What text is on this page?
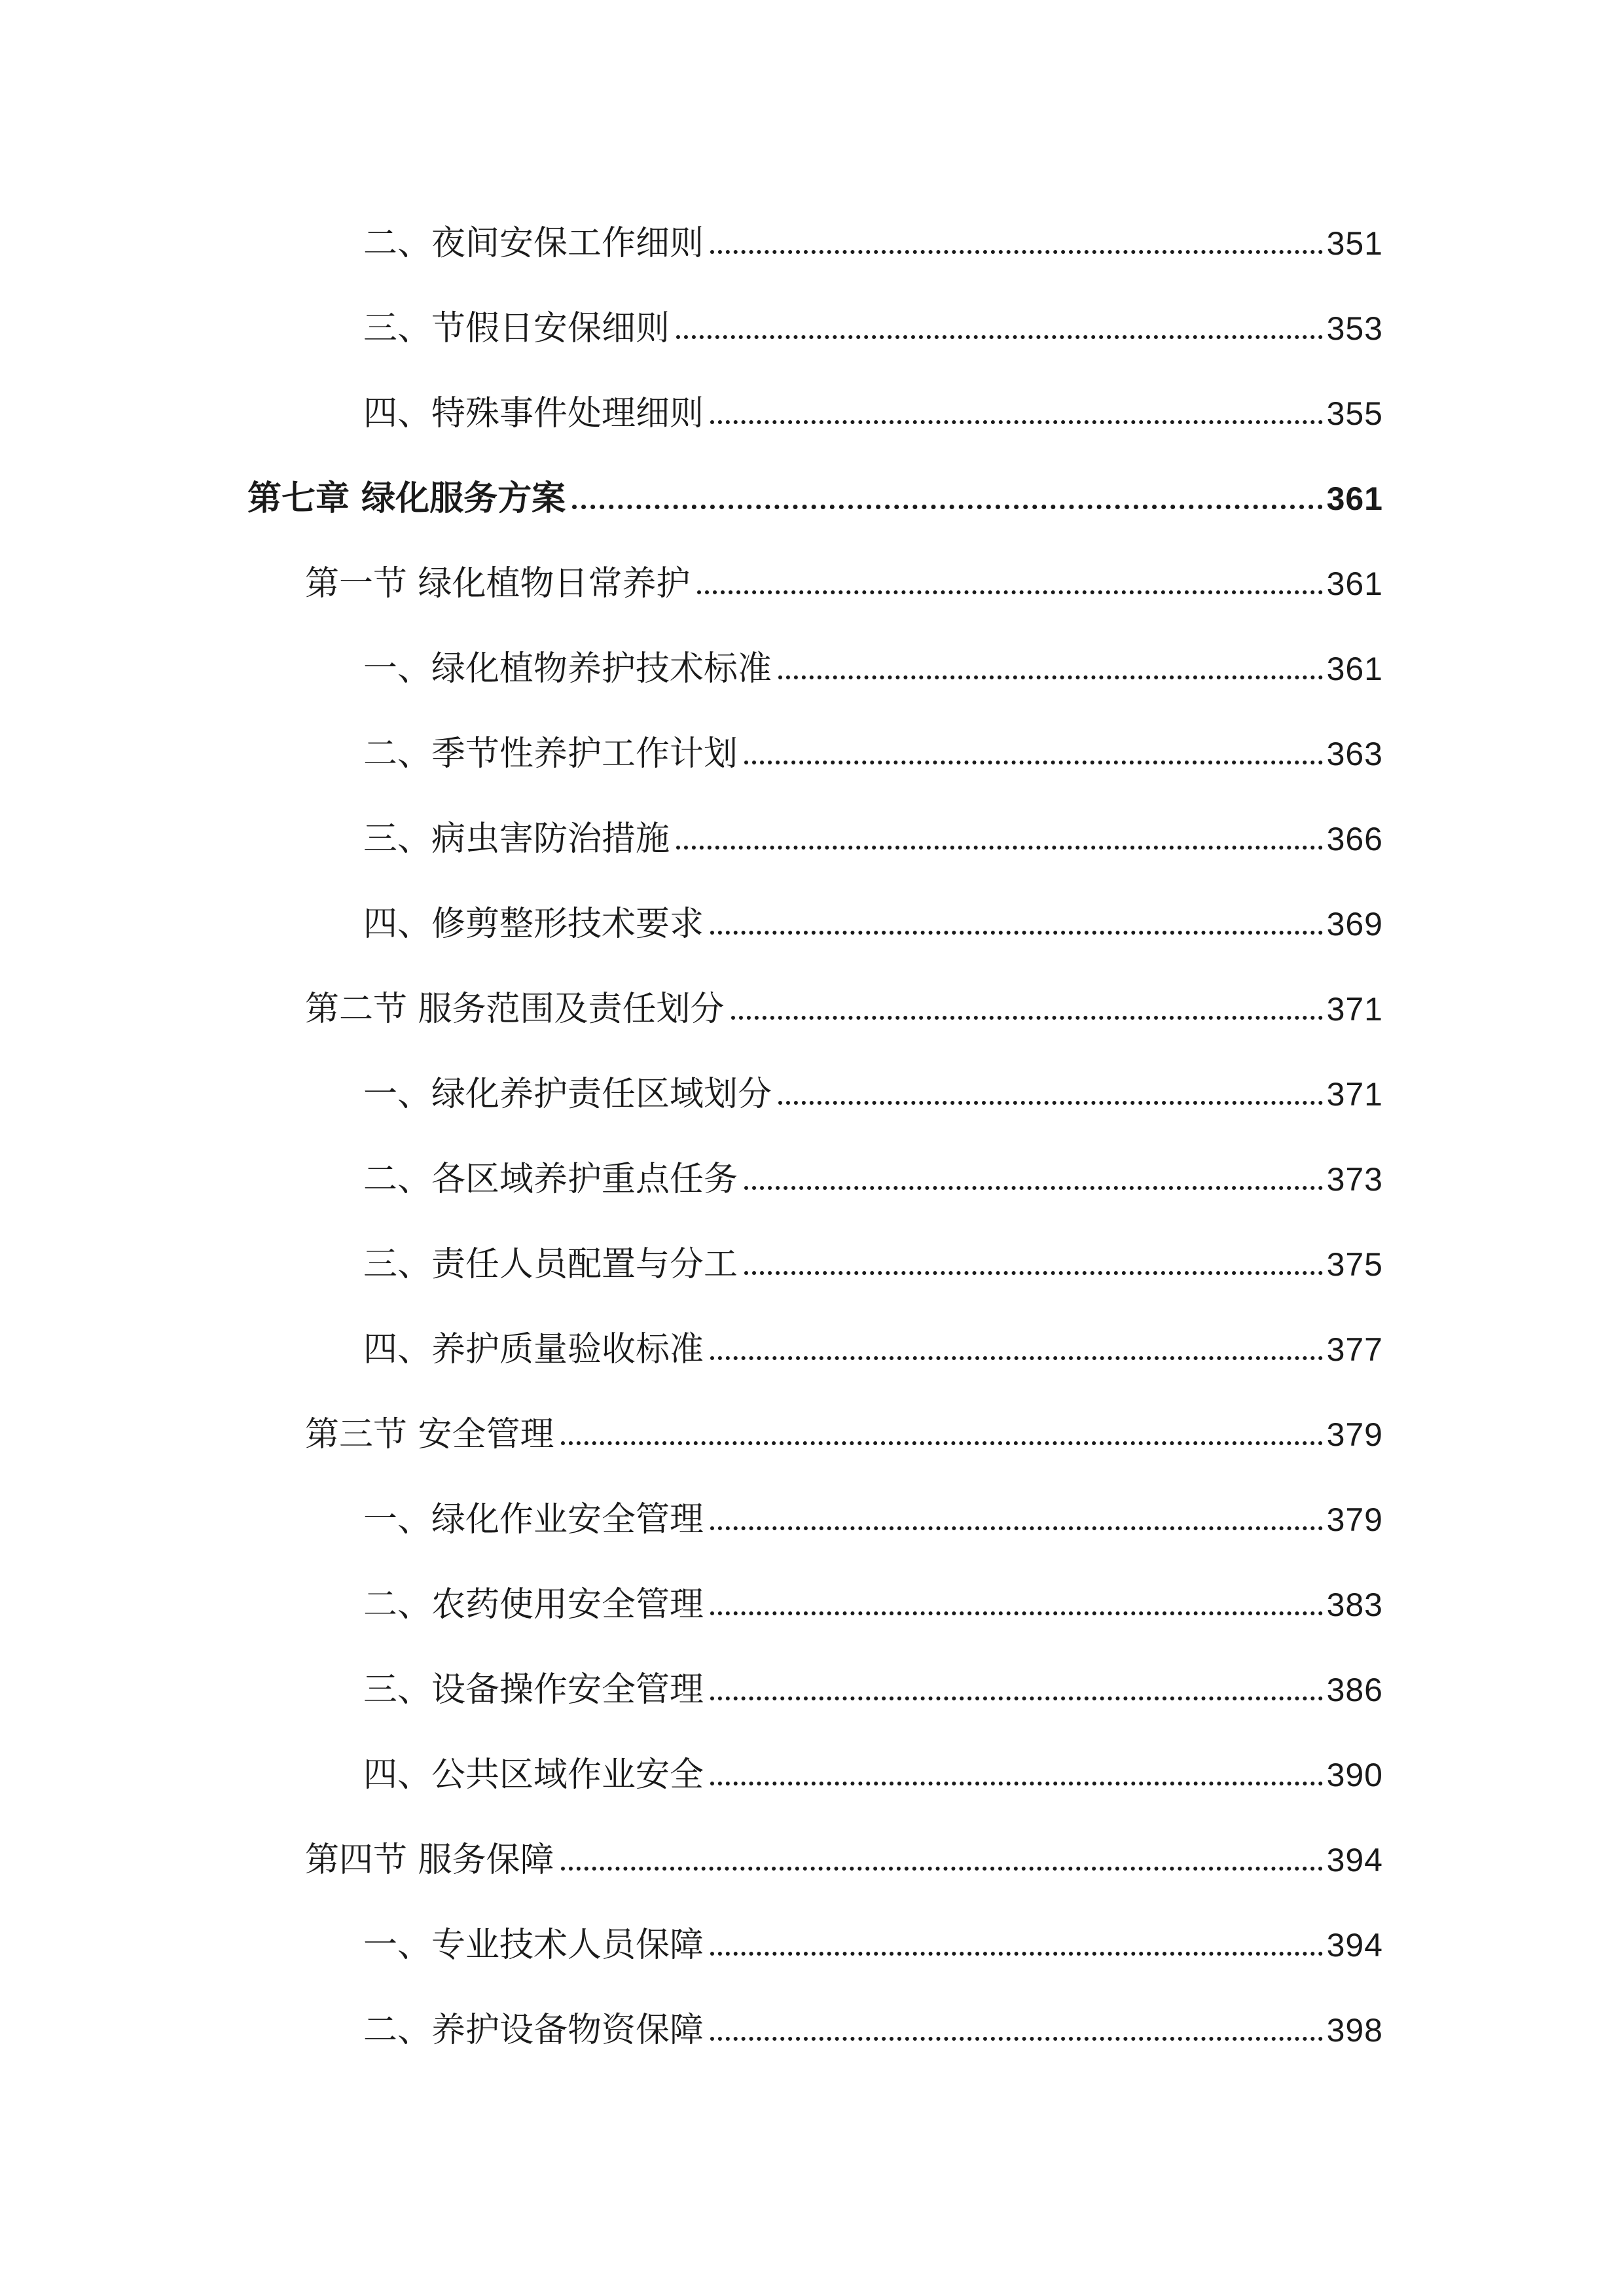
二、夜间安保工作细则	351
三、节假日安保细则	353
四、特殊事件处理细则	355
第七章 绿化服务方案	361
第一节 绿化植物日常养护	361
一、绿化植物养护技术标准	361
二、季节性养护工作计划	363
三、病虫害防治措施	366
四、修剪整形技术要求	369
第二节 服务范围及责任划分	371
一、绿化养护责任区域划分	371
二、各区域养护重点任务	373
三、责任人员配置与分工	375
四、养护质量验收标准	377
第三节 安全管理	379
一、绿化作业安全管理	379
二、农药使用安全管理	383
三、设备操作安全管理	386
四、公共区域作业安全	390
第四节 服务保障	394
一、专业技术人员保障	394
二、养护设备物资保障	398
